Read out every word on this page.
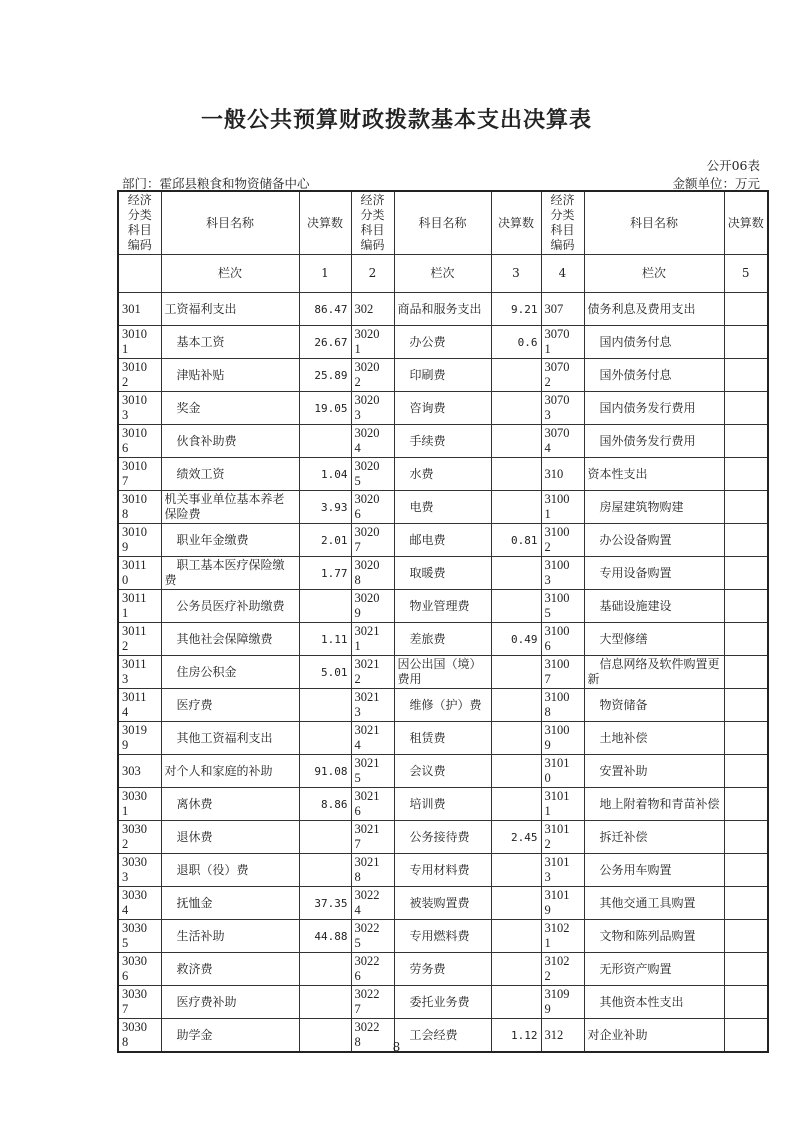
一般公共预算财政拨款基本支出决算表
公开06表
部门：霍邱县粮食和物资储备中心	金额单位：万元
经济分类科目编码	科目名称	决算数	经济分类科目编码	科目名称	决算数	经济分类科目编码	科目名称	决算数
	栏次	1	2	栏次	3	4	栏次	5
301	工资福利支出	86.47	302	商品和服务支出	9.21	307	债务利息及费用支出	
30101	　基本工资	26.67	30201	　办公费	0.6	30701	　国内债务付息	
30102	　津贴补贴	25.89	30202	　印刷费		30702	　国外债务付息	
30103	　奖金	19.05	30203	　咨询费		30703	　国内债务发行费用	
30106	　伙食补助费		30204	　手续费		30704	　国外债务发行费用	
30107	　绩效工资	1.04	30205	　水费		310	资本性支出	
30108	机关事业单位基本养老保险费	3.93	30206	　电费		31001	　房屋建筑物购建	
30109	　职业年金缴费	2.01	30207	　邮电费	0.81	31002	　办公设备购置	
30110	　职工基本医疗保险缴费	1.77	30208	　取暖费		31003	　专用设备购置	
30111	　公务员医疗补助缴费		30209	　物业管理费		31005	　基础设施建设	
30112	　其他社会保障缴费	1.11	30211	　差旅费	0.49	31006	　大型修缮	
30113	　住房公积金	5.01	30212	因公出国（境）费用		31007	　信息网络及软件购置更新	
30114	　医疗费		30213	　维修（护）费		31008	　物资储备	
30199	　其他工资福利支出		30214	　租赁费		31009	　土地补偿	
303	对个人和家庭的补助	91.08	30215	　会议费		31010	　安置补助	
30301	　离休费	8.86	30216	　培训费		31011	　地上附着物和青苗补偿	
30302	　退休费		30217	　公务接待费	2.45	31012	　拆迁补偿	
30303	　退职（役）费		30218	　专用材料费		31013	　公务用车购置	
30304	　抚恤金	37.35	30224	　被装购置费		31019	　其他交通工具购置	
30305	　生活补助	44.88	30225	　专用燃料费		31021	　文物和陈列品购置	
30306	　救济费		30226	　劳务费		31022	　无形资产购置	
30307	　医疗费补助		30227	　委托业务费		31099	　其他资本性支出	
30308	　助学金		30228	　工会经费	1.12	312	对企业补助	
8
